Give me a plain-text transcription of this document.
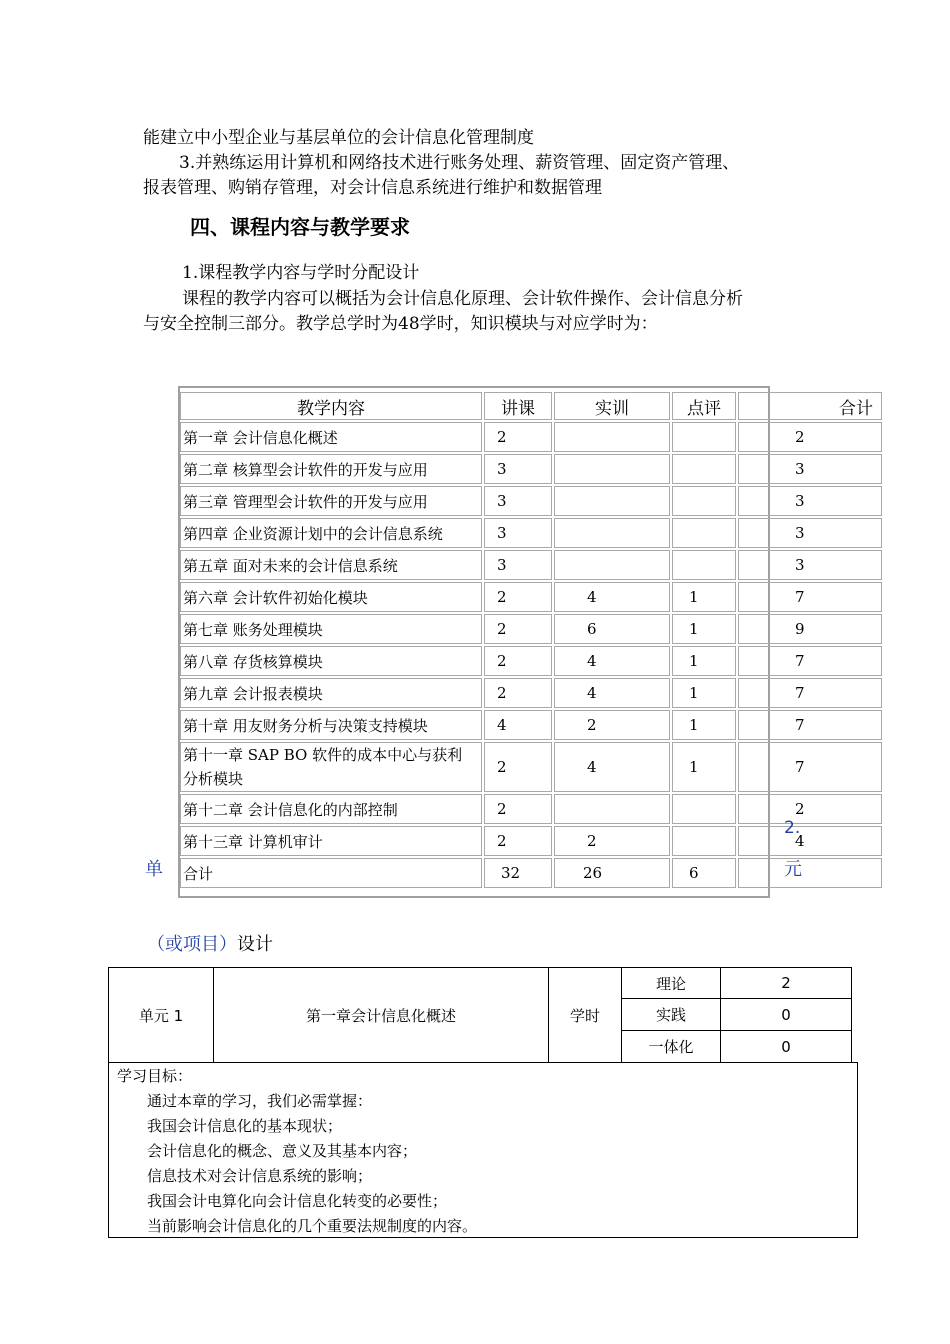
能建立中小型企业与基层单位的会计信息化管理制度
3.并熟练运用计算机和网络技术进行账务处理、薪资管理、固定资产管理、
报表管理、购销存管理，对会计信息系统进行维护和数据管理
四、课程内容与教学要求
1.课程教学内容与学时分配设计
课程的教学内容可以概括为会计信息化原理、会计软件操作、会计信息分析
与安全控制三部分。教学总学时为48学时，知识模块与对应学时为：
教学内容	讲课	实训	点评	合计
第一章 会计信息化概述	2			2
第二章 核算型会计软件的开发与应用	3			3
第三章 管理型会计软件的开发与应用	3			3
第四章 企业资源计划中的会计信息系统	3			3
第五章 面对未来的会计信息系统	3			3
第六章 会计软件初始化模块	2	4	1	7
第七章 账务处理模块	2	6	1	9
第八章 存货核算模块	2	4	1	7
第九章 会计报表模块	2	4	1	7
第十章 用友财务分析与决策支持模块	4	2	1	7
第十一章 SAP BO 软件的成本中心与获利
分析模块	2	4	1	7
第十二章 会计信息化的内部控制	2			2
第十三章 计算机审计	2	2		4
合计	32	26	6	
2.
单	元
（或项目）设计
单元 1	第一章会计信息化概述	学时	理论	2
			实践	0
			一体化	0
学习目标：
通过本章的学习，我们必需掌握：
我国会计信息化的基本现状；
会计信息化的概念、意义及其基本内容；
信息技术对会计信息系统的影响；
我国会计电算化向会计信息化转变的必要性；
当前影响会计信息化的几个重要法规制度的内容。
